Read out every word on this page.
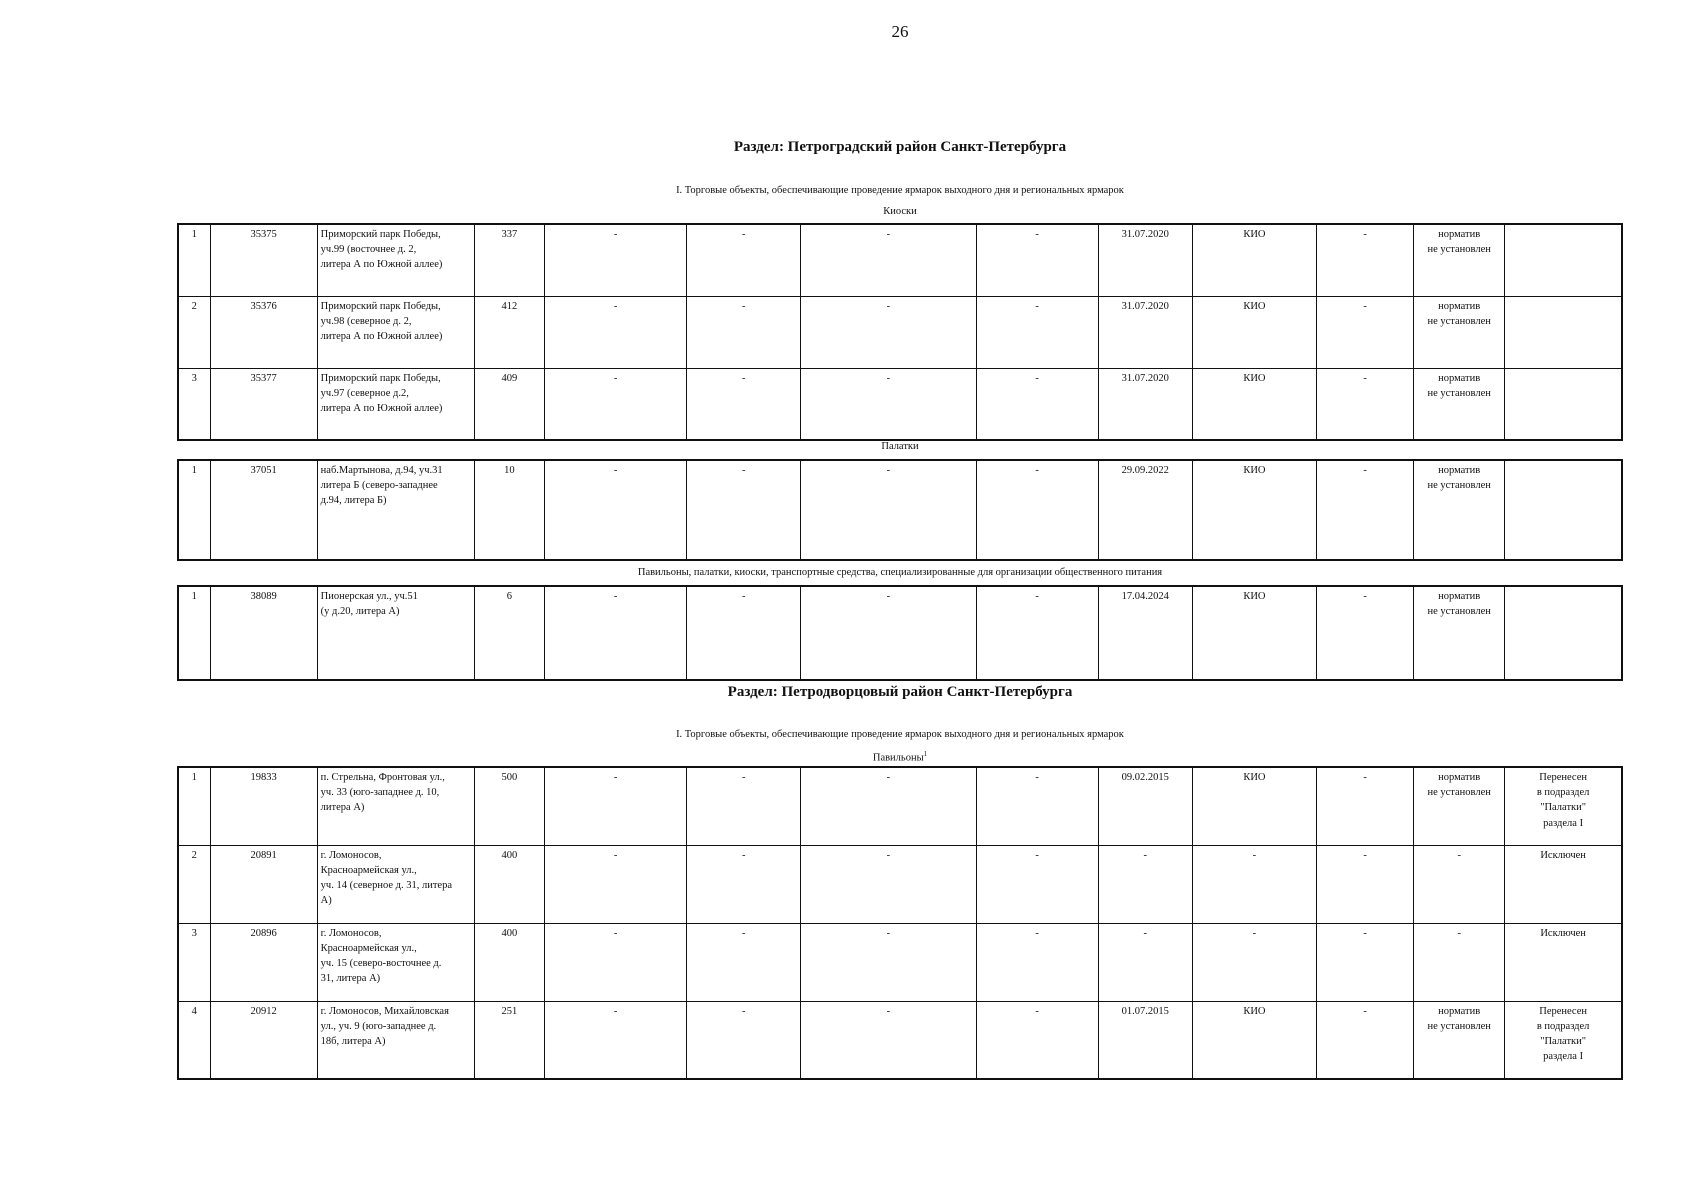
26
Раздел: Петроградский район Санкт-Петербурга
I. Торговые объекты, обеспечивающие проведение ярмарок выходного дня и региональных ярмарок
Киоски
1	35375	Приморский парк Победы,
уч.99 (восточнее д. 2,
литера А по Южной аллее)	337	-	-	-	-	31.07.2020	КИО	-	норматив
не установлен	
2	35376	Приморский парк Победы,
уч.98 (северное д. 2,
литера А по Южной аллее)	412	-	-	-	-	31.07.2020	КИО	-	норматив
не установлен	
3	35377	Приморский парк Победы,
уч.97 (северное д.2,
литера А по Южной аллее)	409	-	-	-	-	31.07.2020	КИО	-	норматив
не установлен	
Палатки
1	37051	наб.Мартынова, д.94, уч.31
литера Б (северо-западнее
д.94, литера Б)	10	-	-	-	-	29.09.2022	КИО	-	норматив
не установлен	
Павильоны, палатки, киоски, транспортные средства, специализированные для организации общественного питания
1	38089	Пионерская ул., уч.51
(у д.20, литера А)	6	-	-	-	-	17.04.2024	КИО	-	норматив
не установлен	
Раздел: Петродворцовый район Санкт-Петербурга
I. Торговые объекты, обеспечивающие проведение ярмарок выходного дня и региональных ярмарок
Павильоны$^1$
1	19833	п. Стрельна, Фронтовая ул.,
уч. 33 (юго-западнее д. 10,
литера А)	500	-	-	-	-	09.02.2015	КИО	-	норматив
не установлен	Перенесен
в подраздел
"Палатки"
раздела I
2	20891	г. Ломоносов,
Красноармейская ул.,
уч. 14 (северное д. 31, литера
А)	400	-	-	-	-	-	-	-	-	Исключен
3	20896	г. Ломоносов,
Красноармейская ул.,
уч. 15 (северо-восточнее д.
31, литера А)	400	-	-	-	-	-	-	-	-	Исключен
4	20912	г. Ломоносов, Михайловская
ул., уч. 9 (юго-западнее д.
18б, литера А)	251	-	-	-	-	01.07.2015	КИО	-	норматив
не установлен	Перенесен
в подраздел
"Палатки"
раздела I
